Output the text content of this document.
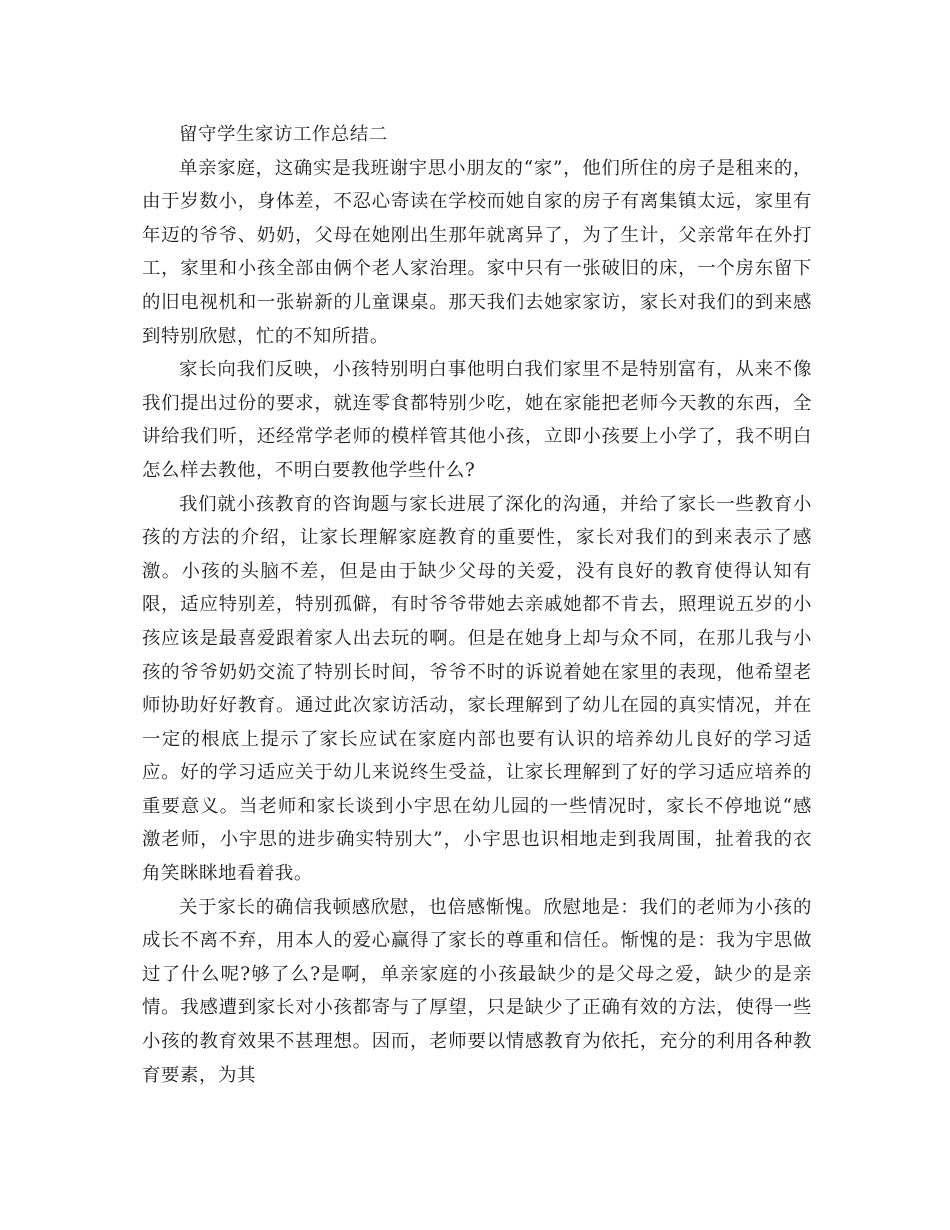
留守学生家访工作总结二

单亲家庭，这确实是我班谢宇思小朋友的“家”，他们所住的房子是租来的，由于岁数小，身体差，不忍心寄读在学校而她自家的房子有离集镇太远，家里有年迈的爷爷、奶奶，父母在她刚出生那年就离异了，为了生计，父亲常年在外打工，家里和小孩全部由俩个老人家治理。家中只有一张破旧的床，一个房东留下的旧电视机和一张崭新的儿童课桌。那天我们去她家家访，家长对我们的到来感到特别欣慰，忙的不知所措。

家长向我们反映，小孩特别明白事他明白我们家里不是特别富有，从来不像我们提出过份的要求，就连零食都特别少吃，她在家能把老师今天教的东西，全讲给我们听，还经常学老师的模样管其他小孩，立即小孩要上小学了，我不明白怎么样去教他，不明白要教他学些什么?

我们就小孩教育的咨询题与家长进展了深化的沟通，并给了家长一些教育小孩的方法的介绍，让家长理解家庭教育的重要性，家长对我们的到来表示了感激。小孩的头脑不差，但是由于缺少父母的关爱，没有良好的教育使得认知有限，适应特别差，特别孤僻，有时爷爷带她去亲戚她都不肯去，照理说五岁的小孩应该是最喜爱跟着家人出去玩的啊。但是在她身上却与众不同，在那儿我与小孩的爷爷奶奶交流了特别长时间，爷爷不时的诉说着她在家里的表现，他希望老师协助好好教育。通过此次家访活动，家长理解到了幼儿在园的真实情况，并在一定的根底上提示了家长应试在家庭内部也要有认识的培养幼儿良好的学习适应。好的学习适应关于幼儿来说终生受益，让家长理解到了好的学习适应培养的重要意义。当老师和家长谈到小宇思在幼儿园的一些情况时，家长不停地说“感激老师，小宇思的进步确实特别大”，小宇思也识相地走到我周围，扯着我的衣角笑眯眯地看着我。

关于家长的确信我顿感欣慰，也倍感惭愧。欣慰地是：我们的老师为小孩的成长不离不弃，用本人的爱心赢得了家长的尊重和信任。惭愧的是：我为宇思做过了什么呢?够了么?是啊，单亲家庭的小孩最缺少的是父母之爱，缺少的是亲情。我感遭到家长对小孩都寄与了厚望，只是缺少了正确有效的方法，使得一些小孩的教育效果不甚理想。因而，老师要以情感教育为依托，充分的利用各种教育要素，为其
